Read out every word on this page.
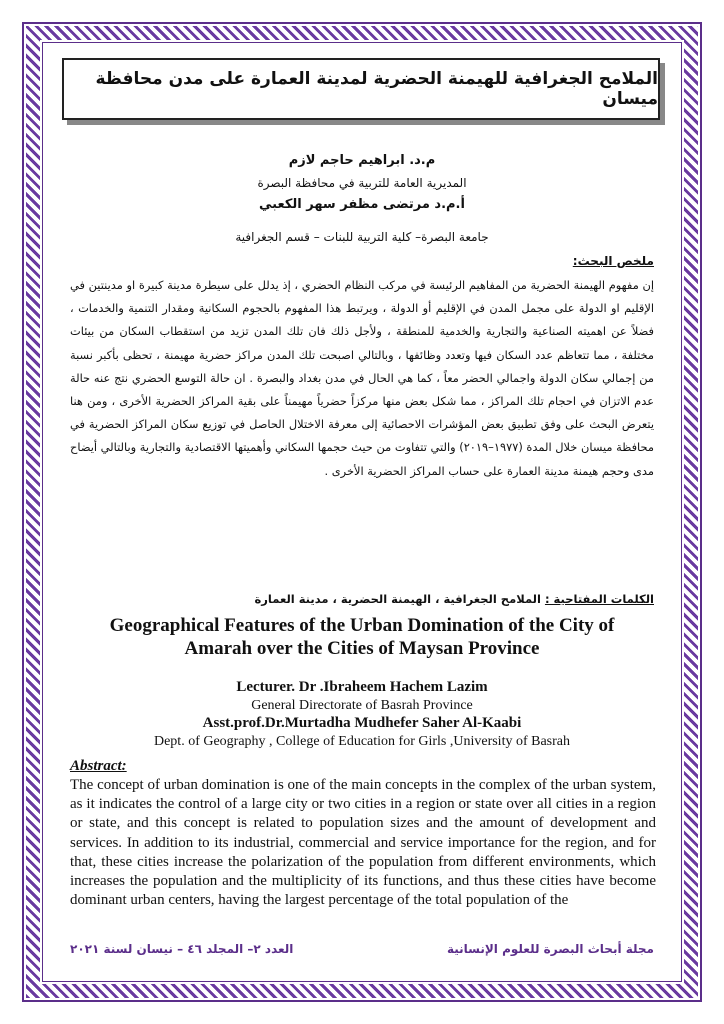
الملامح الجغرافية للهيمنة الحضرية لمدينة العمارة على مدن محافظة ميسان
م.د. ابراهيم حاجم لازم
المديرية العامة للتربية في محافظة البصرة
أ.م.د مرتضى مظفر سهر الكعبي
جامعة البصرة– كلية التربية للبنات – قسم الجغرافية
ملخص البحث:
إن مفهوم الهيمنة الحضرية من المفاهيم الرئيسة في مركب النظام الحضري ، إذ يدلل على سيطرة مدينة كبيرة او مدينتين في الإقليم او الدولة على مجمل المدن في الإقليم أو الدولة ، ويرتبط هذا المفهوم بالحجوم السكانية ومقدار التنمية والخدمات ، فضلاً عن اهميته الصناعية والتجارية والخدمية للمنطقة ، ولأجل ذلك فان تلك المدن تزيد من استقطاب السكان من بيئات مختلفة ، مما تتعاظم عدد السكان فيها وتعدد وظائفها ، وبالتالي اصبحت تلك المدن مراكز حضرية مهيمنة ، تحظى بأكبر نسبة من إجمالي سكان الدولة واجمالي الحضر معاً ، كما هي الحال في مدن بغداد والبصرة . ان حالة التوسع الحضري نتج عنه حالة عدم الاتزان في احجام تلك المراكز ، مما شكل بعض منها مركزاً حضرياً مهيمناً على بقية المراكز الحضرية الأخرى ، ومن هنا يتعرض البحث على وفق تطبيق بعض المؤشرات الاحصائية إلى معرفة الاختلال الحاصل في توزيع سكان المراكز الحضرية في محافظة ميسان خلال المدة (١٩٧٧–٢٠١٩) والتي تتفاوت من حيث حجمها السكاني وأهميتها الاقتصادية والتجارية وبالتالي أيضاح مدى وحجم هيمنة مدينة العمارة على حساب المراكز الحضرية الأخرى .
الكلمات المفتاحية : الملامح الجغرافية ، الهيمنة الحضرية ، مدينة العمارة
Geographical Features of the Urban Domination of the City of Amarah over the Cities of Maysan Province
Lecturer. Dr .Ibraheem Hachem Lazim
General Directorate of Basrah Province
Asst.prof.Dr.Murtadha Mudhefer Saher Al-Kaabi
Dept. of Geography , College of Education for Girls ,University of Basrah
Abstract:
The concept of urban domination is one of the main concepts in the complex of the urban system, as it indicates the control of a large city or two cities in a region or state over all cities in a region or state, and this concept is related to population sizes and the amount of development and services. In addition to its industrial, commercial and service importance for the region, and for that, these cities increase the polarization of the population from different environments, which increases the population and the multiplicity of its functions, and thus these cities have become dominant urban centers, having the largest percentage of the total population of the
مجلة أبحاث البصرة للعلوم الإنسانية
العدد ٢– المجلد ٤٦ – نيسان لسنة ٢٠٢١
